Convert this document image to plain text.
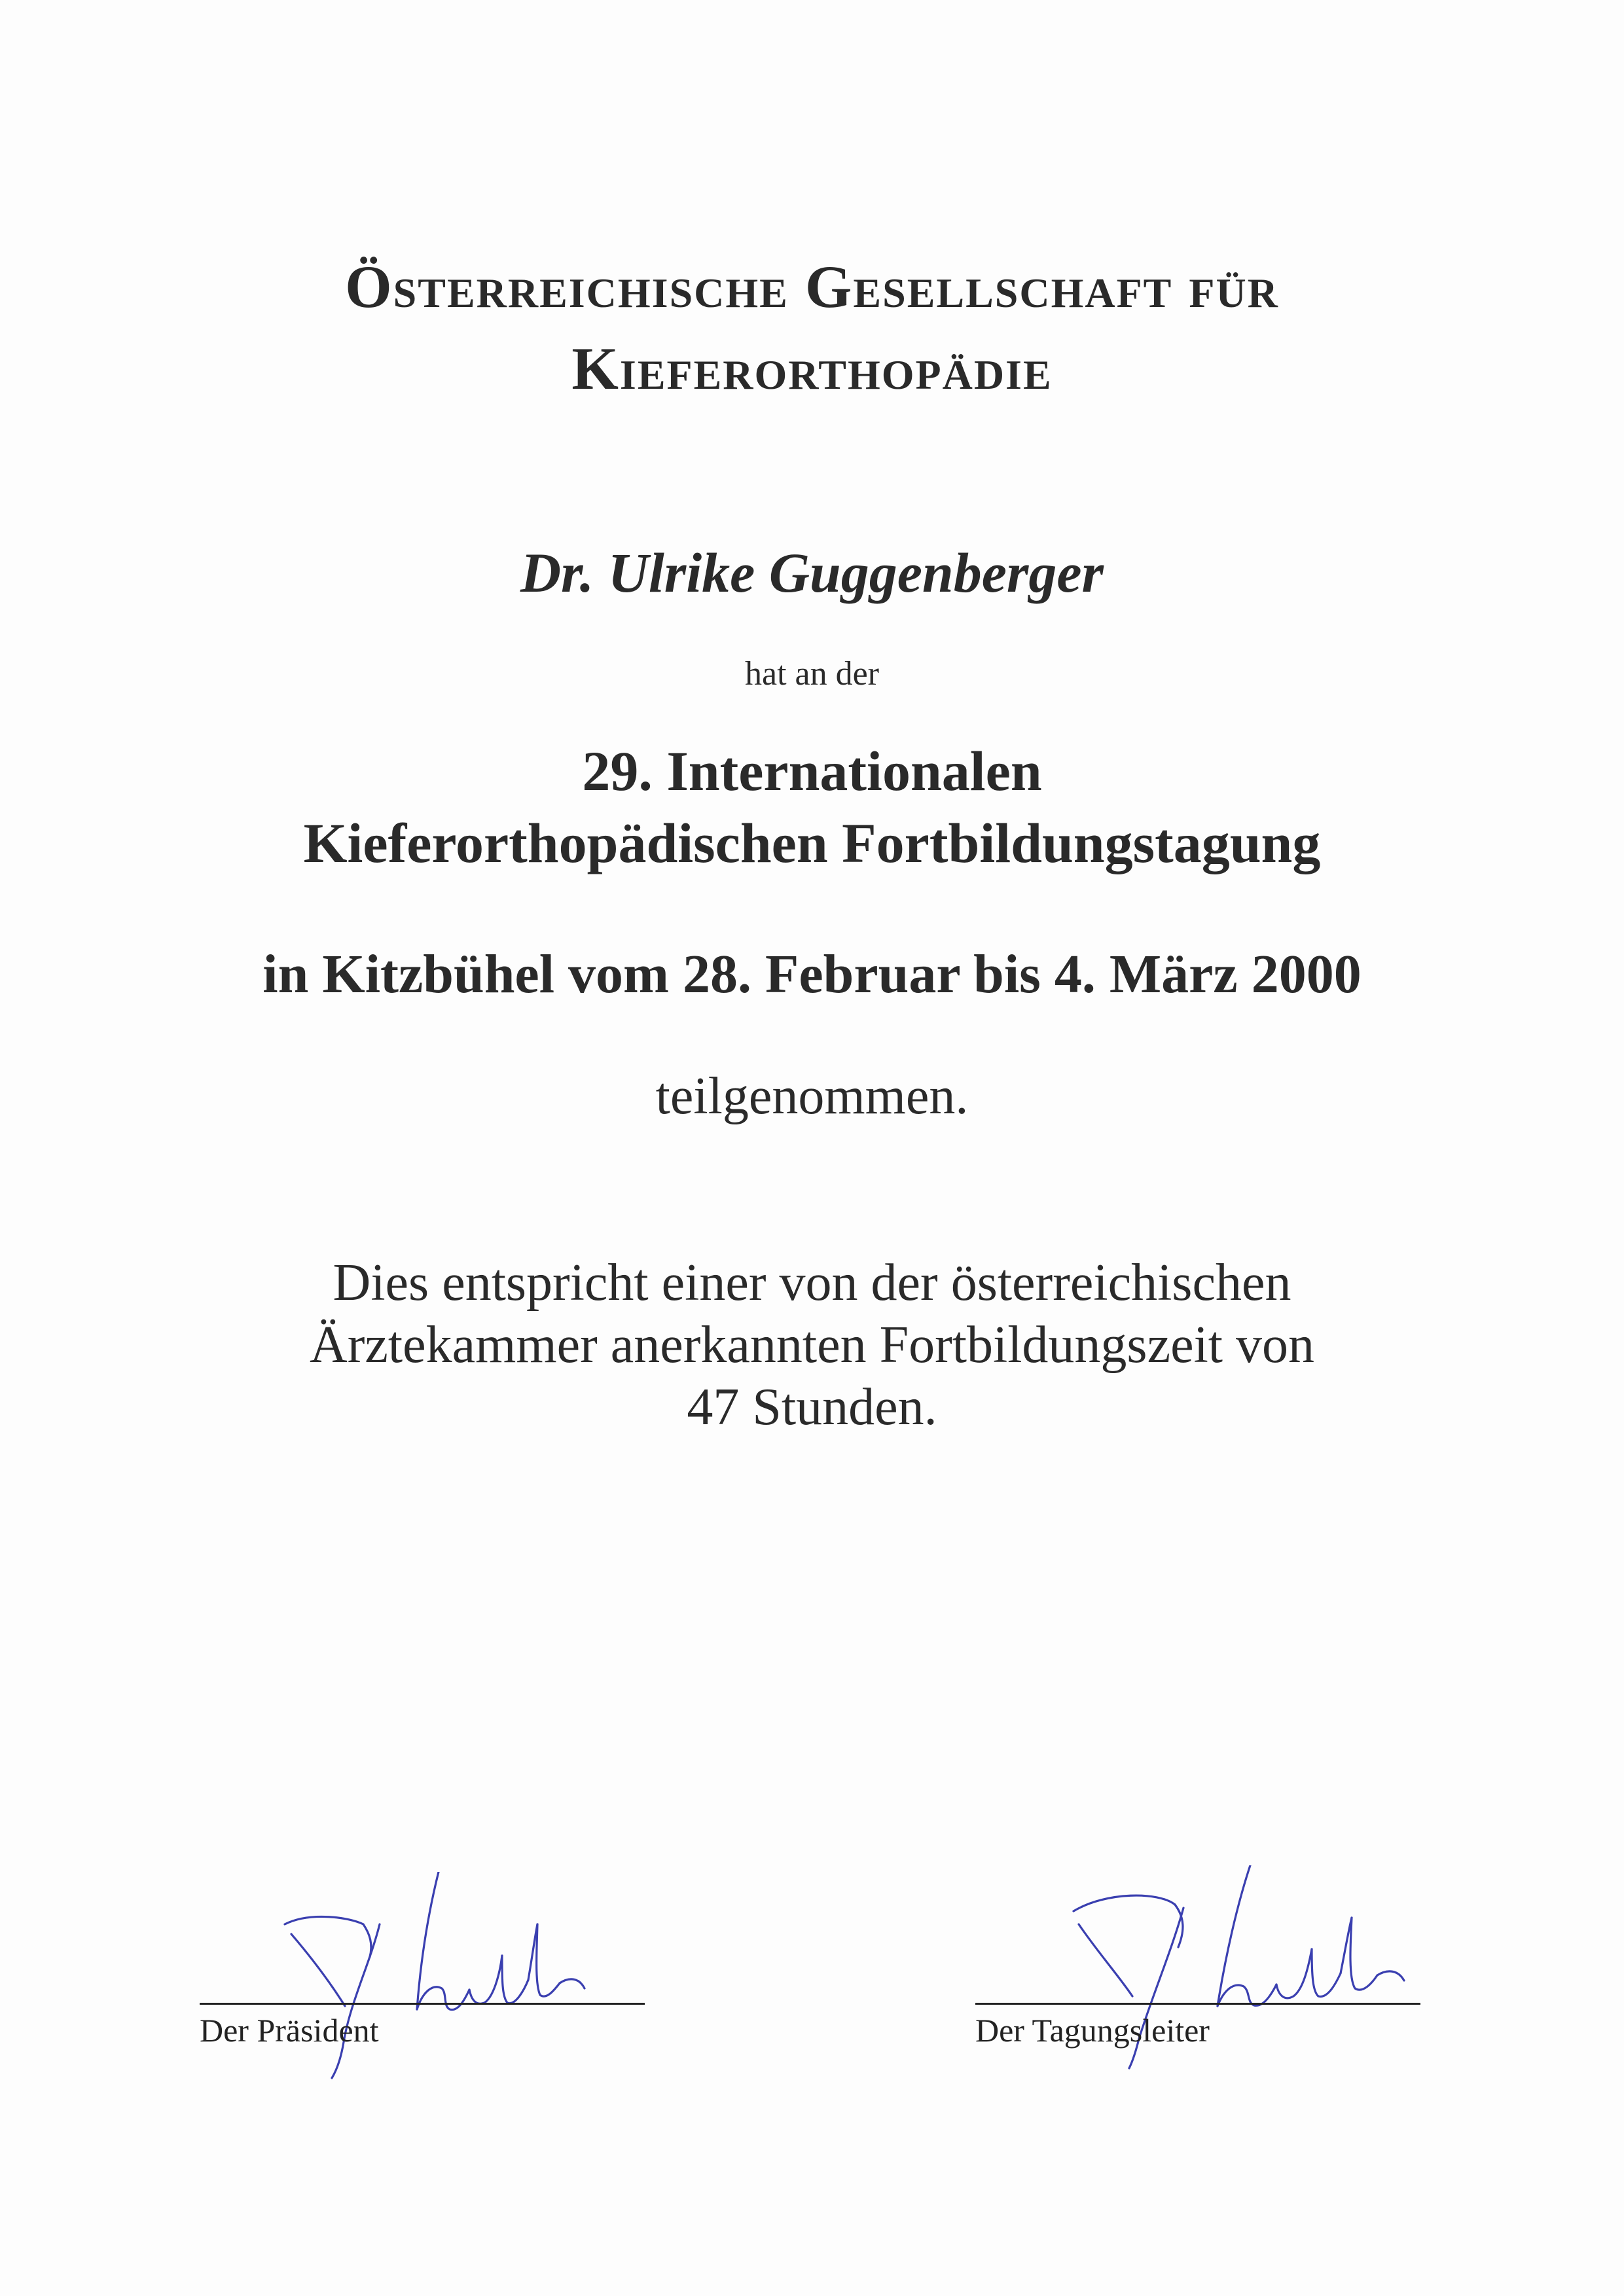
Österreichische Gesellschaft für
Kieferorthopädie
Dr. Ulrike Guggenberger
hat an der
29. Internationalen
Kieferorthopädischen Fortbildungstagung
in Kitzbühel vom 28. Februar bis 4. März 2000
teilgenommen.
Dies entspricht einer von der österreichischen
Ärztekammer anerkannten Fortbildungszeit von
47 Stunden.
Der Präsident	Der Tagungsleiter
